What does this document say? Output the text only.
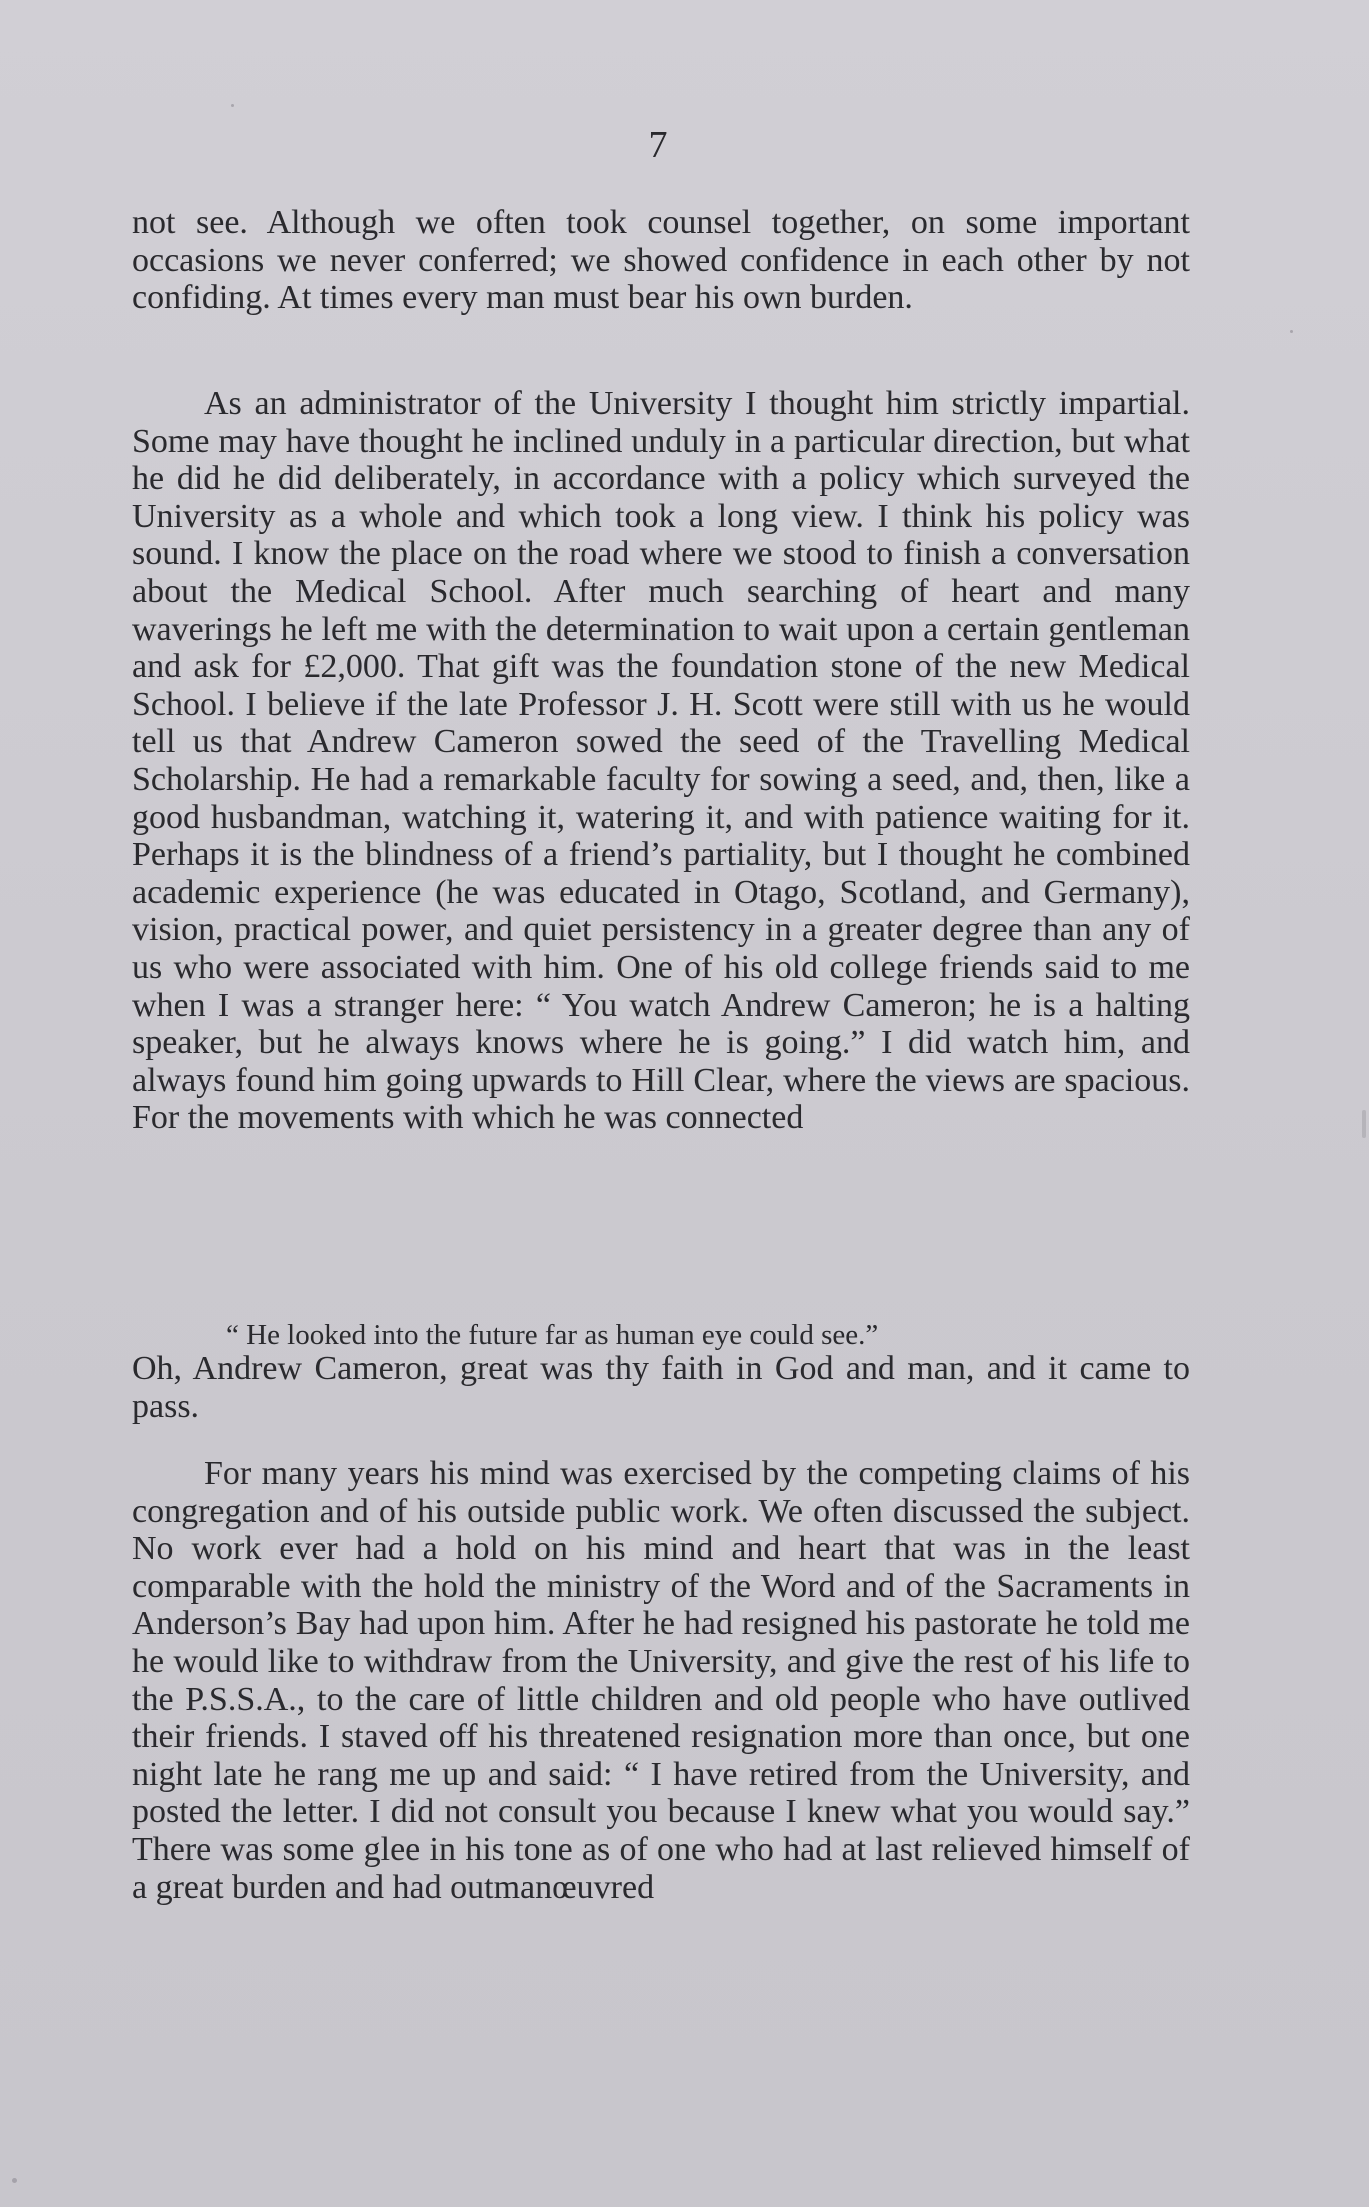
7

not see. Although we often took counsel together, on some important occasions we never conferred; we showed confidence in each other by not confiding. At times every man must bear his own burden.

As an administrator of the University I thought him strictly impartial. Some may have thought he inclined unduly in a particular direction, but what he did he did deliberately, in accordance with a policy which surveyed the University as a whole and which took a long view. I think his policy was sound. I know the place on the road where we stood to finish a conversation about the Medical School. After much searching of heart and many waverings he left me with the determination to wait upon a certain gentleman and ask for £2,000. That gift was the foundation stone of the new Medical School. I believe if the late Professor J. H. Scott were still with us he would tell us that Andrew Cameron sowed the seed of the Travelling Medical Scholarship. He had a remarkable faculty for sowing a seed, and, then, like a good husbandman, watching it, watering it, and with patience waiting for it. Perhaps it is the blindness of a friend’s partiality, but I thought he combined academic experience (he was educated in Otago, Scotland, and Germany), vision, practical power, and quiet persistency in a greater degree than any of us who were associated with him. One of his old college friends said to me when I was a stranger here: “ You watch Andrew Cameron; he is a halting speaker, but he always knows where he is going.” I did watch him, and always found him going upwards to Hill Clear, where the views are spacious. For the movements with which he was connected

“ He looked into the future far as human eye could see.”

Oh, Andrew Cameron, great was thy faith in God and man, and it came to pass.

For many years his mind was exercised by the competing claims of his congregation and of his outside public work. We often discussed the subject. No work ever had a hold on his mind and heart that was in the least comparable with the hold the ministry of the Word and of the Sacraments in Anderson’s Bay had upon him. After he had resigned his pastorate he told me he would like to withdraw from the University, and give the rest of his life to the P.S.S.A., to the care of little children and old people who have outlived their friends. I staved off his threatened resignation more than once, but one night late he rang me up and said: “ I have retired from the University, and posted the letter. I did not consult you because I knew what you would say.” There was some glee in his tone as of one who had at last relieved himself of a great burden and had outmanœuvred
